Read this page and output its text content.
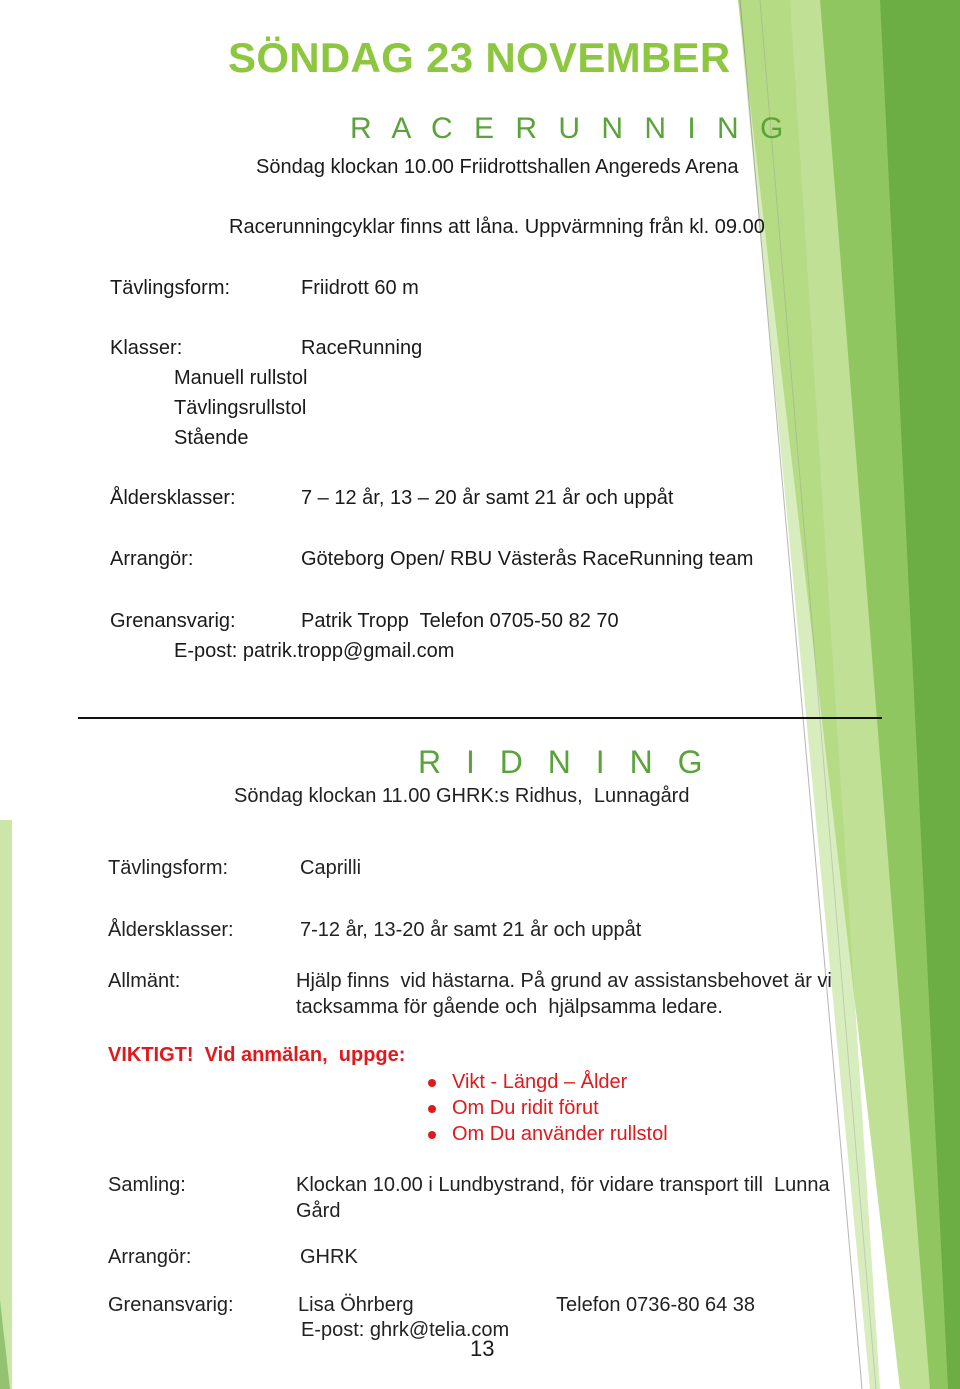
SÖNDAG 23 NOVEMBER
R A C E R U N N I N G
Söndag klockan 10.00 Friidrottshallen Angereds Arena
Racerunningcyklar finns att låna. Uppvärmning från kl. 09.00
Tävlingsform:	Friidrott 60 m
Klasser:	RaceRunning
Manuell rullstol
Tävlingsrullstol
Stående
Åldersklasser:	7 – 12 år, 13 – 20 år samt 21 år och uppåt
Arrangör:	Göteborg Open/ RBU Västerås RaceRunning team
Grenansvarig:	Patrik Tropp  Telefon 0705-50 82 70
E-post: patrik.tropp@gmail.com
R I D N I N G
Söndag klockan 11.00 GHRK:s Ridhus,  Lunnagård
Tävlingsform:	Caprilli
Åldersklasser:	7-12 år, 13-20 år samt 21 år och uppåt
Allmänt:	Hjälp finns  vid hästarna. På grund av assistansbehovet är vi
tacksamma för gående och  hjälpsamma ledare.
VIKTIGT!  Vid anmälan,  uppge:
Vikt - Längd – Ålder
Om Du ridit förut
Om Du använder rullstol
Samling:	Klockan 10.00 i Lundbystrand, för vidare transport till  Lunna
Gård
Arrangör:	GHRK
Grenansvarig:	Lisa Öhrberg	Telefon 0736-80 64 38
E-post: ghrk@telia.com
13
